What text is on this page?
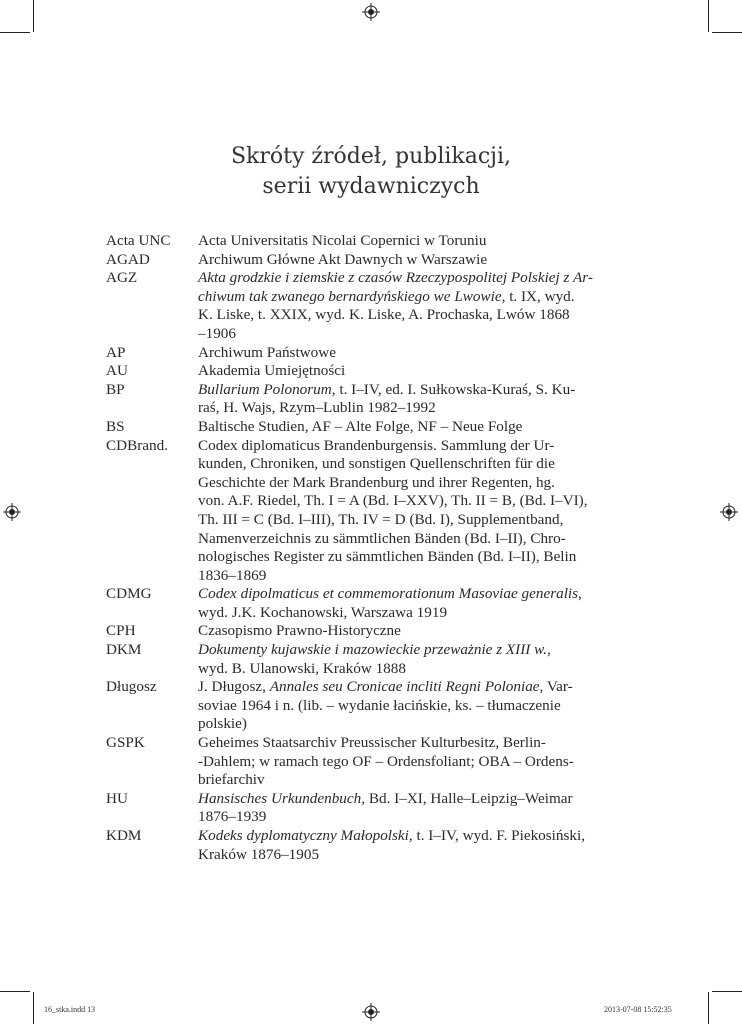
Skróty źródeł, publikacji,
serii wydawniczych
Acta UNC	Acta Universitatis Nicolai Copernici w Toruniu
AGAD	Archiwum Główne Akt Dawnych w Warszawie
AGZ	Akta grodzkie i ziemskie z czasów Rzeczypospolitej Polskiej z Ar-
chiwum tak zwanego bernardyńskiego we Lwowie, t. IX, wyd.
K. Liske, t. XXIX, wyd. K. Liske, A. Prochaska, Lwów 1868
–1906
AP	Archiwum Państwowe
AU	Akademia Umiejętności
BP	Bullarium Polonorum, t. I–IV, ed. I. Sułkowska-Kuraś, S. Ku-
raś, H. Wajs, Rzym–Lublin 1982–1992
BS	Baltische Studien, AF – Alte Folge, NF – Neue Folge
CDBrand.	Codex diplomaticus Brandenburgensis. Sammlung der Ur-
kunden, Chroniken, und sonstigen Quellenschriften für die
Geschichte der Mark Brandenburg und ihrer Regenten, hg.
von. A.F. Riedel, Th. I = A (Bd. I–XXV), Th. II = B, (Bd. I–VI),
Th. III = C (Bd. I–III), Th. IV = D (Bd. I), Supplementband,
Namenverzeichnis zu sämmtlichen Bänden (Bd. I–II), Chro-
nologisches Register zu sämmtlichen Bänden (Bd. I–II), Belin
1836–1869
CDMG	Codex dipolmaticus et commemorationum Masoviae generalis,
wyd. J.K. Kochanowski, Warszawa 1919
CPH	Czasopismo Prawno-Historyczne
DKM	Dokumenty kujawskie i mazowieckie przeważnie z XIII w.,
wyd. B. Ulanowski, Kraków 1888
Długosz	J. Długosz, Annales seu Cronicae incliti Regni Poloniae, Var-
soviae 1964 i n. (lib. – wydanie łacińskie, ks. – tłumaczenie
polskie)
GSPK	Geheimes Staatsarchiv Preussischer Kulturbesitz, Berlin-
-Dahlem; w ramach tego OF – Ordensfoliant; OBA – Ordens-
briefarchiv
HU	Hansisches Urkundenbuch, Bd. I–XI, Halle–Leipzig–Weimar
1876–1939
KDM	Kodeks dyplomatyczny Małopolski, t. I–IV, wyd. F. Piekosiński,
Kraków 1876–1905
16_stka.indd 13	2013-07-08 15:52:35
